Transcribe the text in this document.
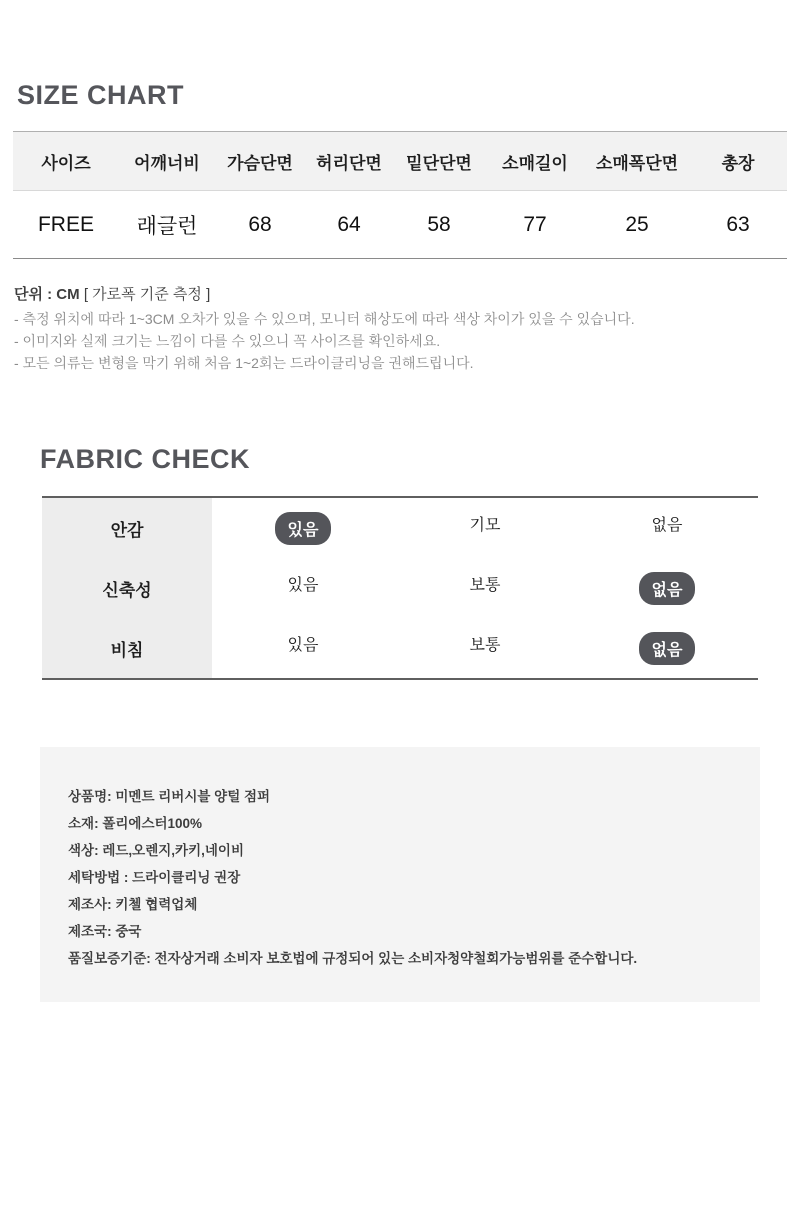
SIZE CHART
사이즈	어깨너비	가슴단면	허리단면	밑단단면	소매길이	소매폭단면	총장
FREE	래글런	68	64	58	77	25	63

단위 : CM [ 가로폭 기준 측정 ]

- 측정 위치에 따라 1~3CM 오차가 있을 수 있으며, 모니터 해상도에 따라 색상 차이가 있을 수 있습니다.

- 이미지와 실제 크기는 느낌이 다를 수 있으니 꼭 사이즈를 확인하세요.

- 모든 의류는 변형을 막기 위해 처음 1~2회는 드라이클리닝을 권해드립니다.

FABRIC CHECK
안감	있음	기모	없음
신축성	있음	보통	없음
비침	있음	보통	없음

상품명: 미멘트 리버시블 양털 점퍼

소재: 폴리에스터100%

색상: 레드,오렌지,카키,네이비

세탁방법 : 드라이클리닝 권장

제조사: 키첼 협력업체

제조국: 중국

품질보증기준: 전자상거래 소비자 보호법에 규정되어 있는 소비자청약철회가능범위를 준수합니다.
